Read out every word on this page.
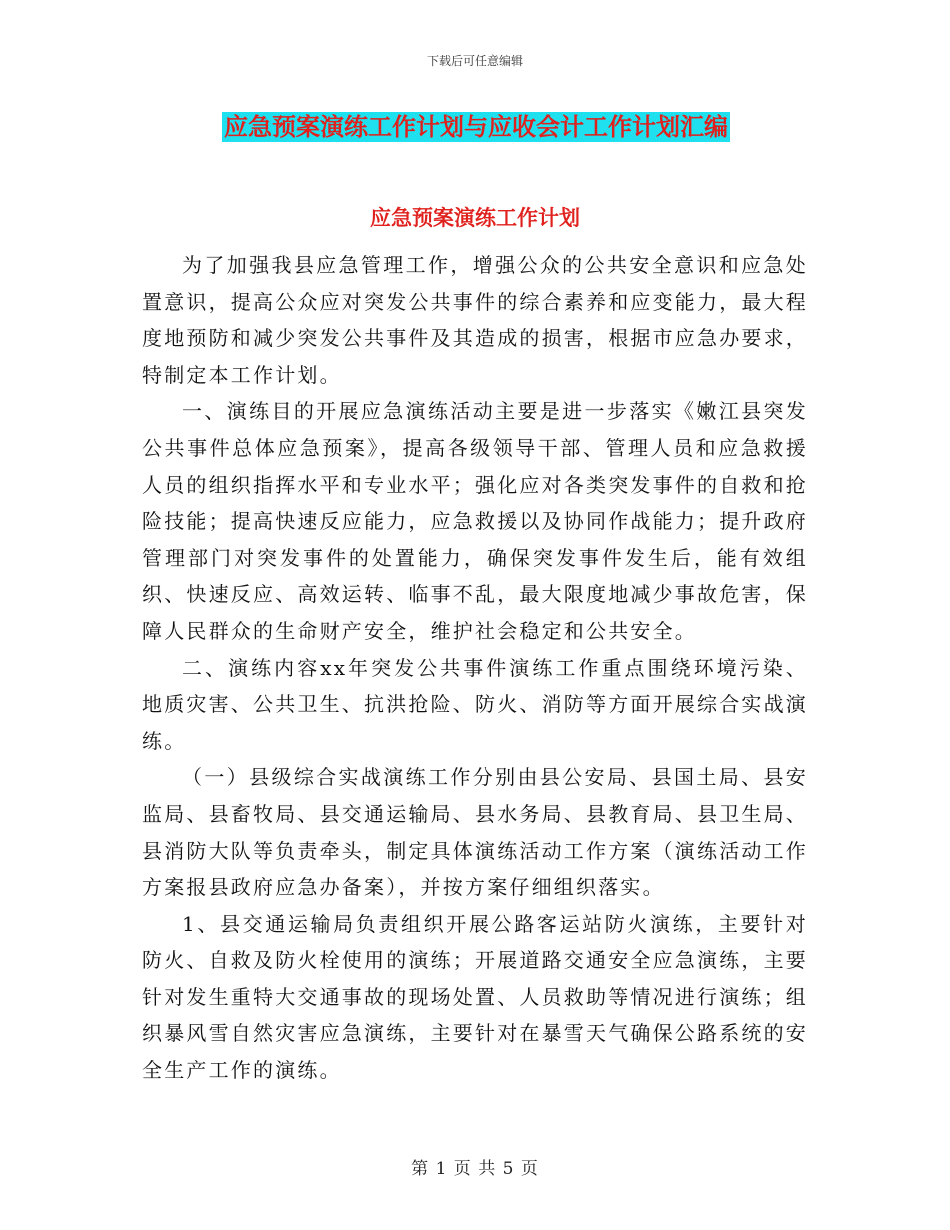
下载后可任意编辑
应急预案演练工作计划与应收会计工作计划汇编
应急预案演练工作计划

为了加强我县应急管理工作，增强公众的公共安全意识和应急处置意识，提高公众应对突发公共事件的综合素养和应变能力，最大程度地预防和减少突发公共事件及其造成的损害，根据市应急办要求，特制定本工作计划。

一、演练目的开展应急演练活动主要是进一步落实《嫩江县突发公共事件总体应急预案》，提高各级领导干部、管理人员和应急救援人员的组织指挥水平和专业水平；强化应对各类突发事件的自救和抢险技能；提高快速反应能力，应急救援以及协同作战能力；提升政府管理部门对突发事件的处置能力，确保突发事件发生后，能有效组织、快速反应、高效运转、临事不乱，最大限度地减少事故危害，保障人民群众的生命财产安全，维护社会稳定和公共安全。

二、演练内容xx年突发公共事件演练工作重点围绕环境污染、地质灾害、公共卫生、抗洪抢险、防火、消防等方面开展综合实战演练。

（一）县级综合实战演练工作分别由县公安局、县国土局、县安监局、县畜牧局、县交通运输局、县水务局、县教育局、县卫生局、县消防大队等负责牵头，制定具体演练活动工作方案（演练活动工作方案报县政府应急办备案），并按方案仔细组织落实。

1、县交通运输局负责组织开展公路客运站防火演练，主要针对防火、自救及防火栓使用的演练；开展道路交通安全应急演练，主要针对发生重特大交通事故的现场处置、人员救助等情况进行演练；组织暴风雪自然灾害应急演练，主要针对在暴雪天气确保公路系统的安全生产工作的演练。

第 1 页 共 5 页
